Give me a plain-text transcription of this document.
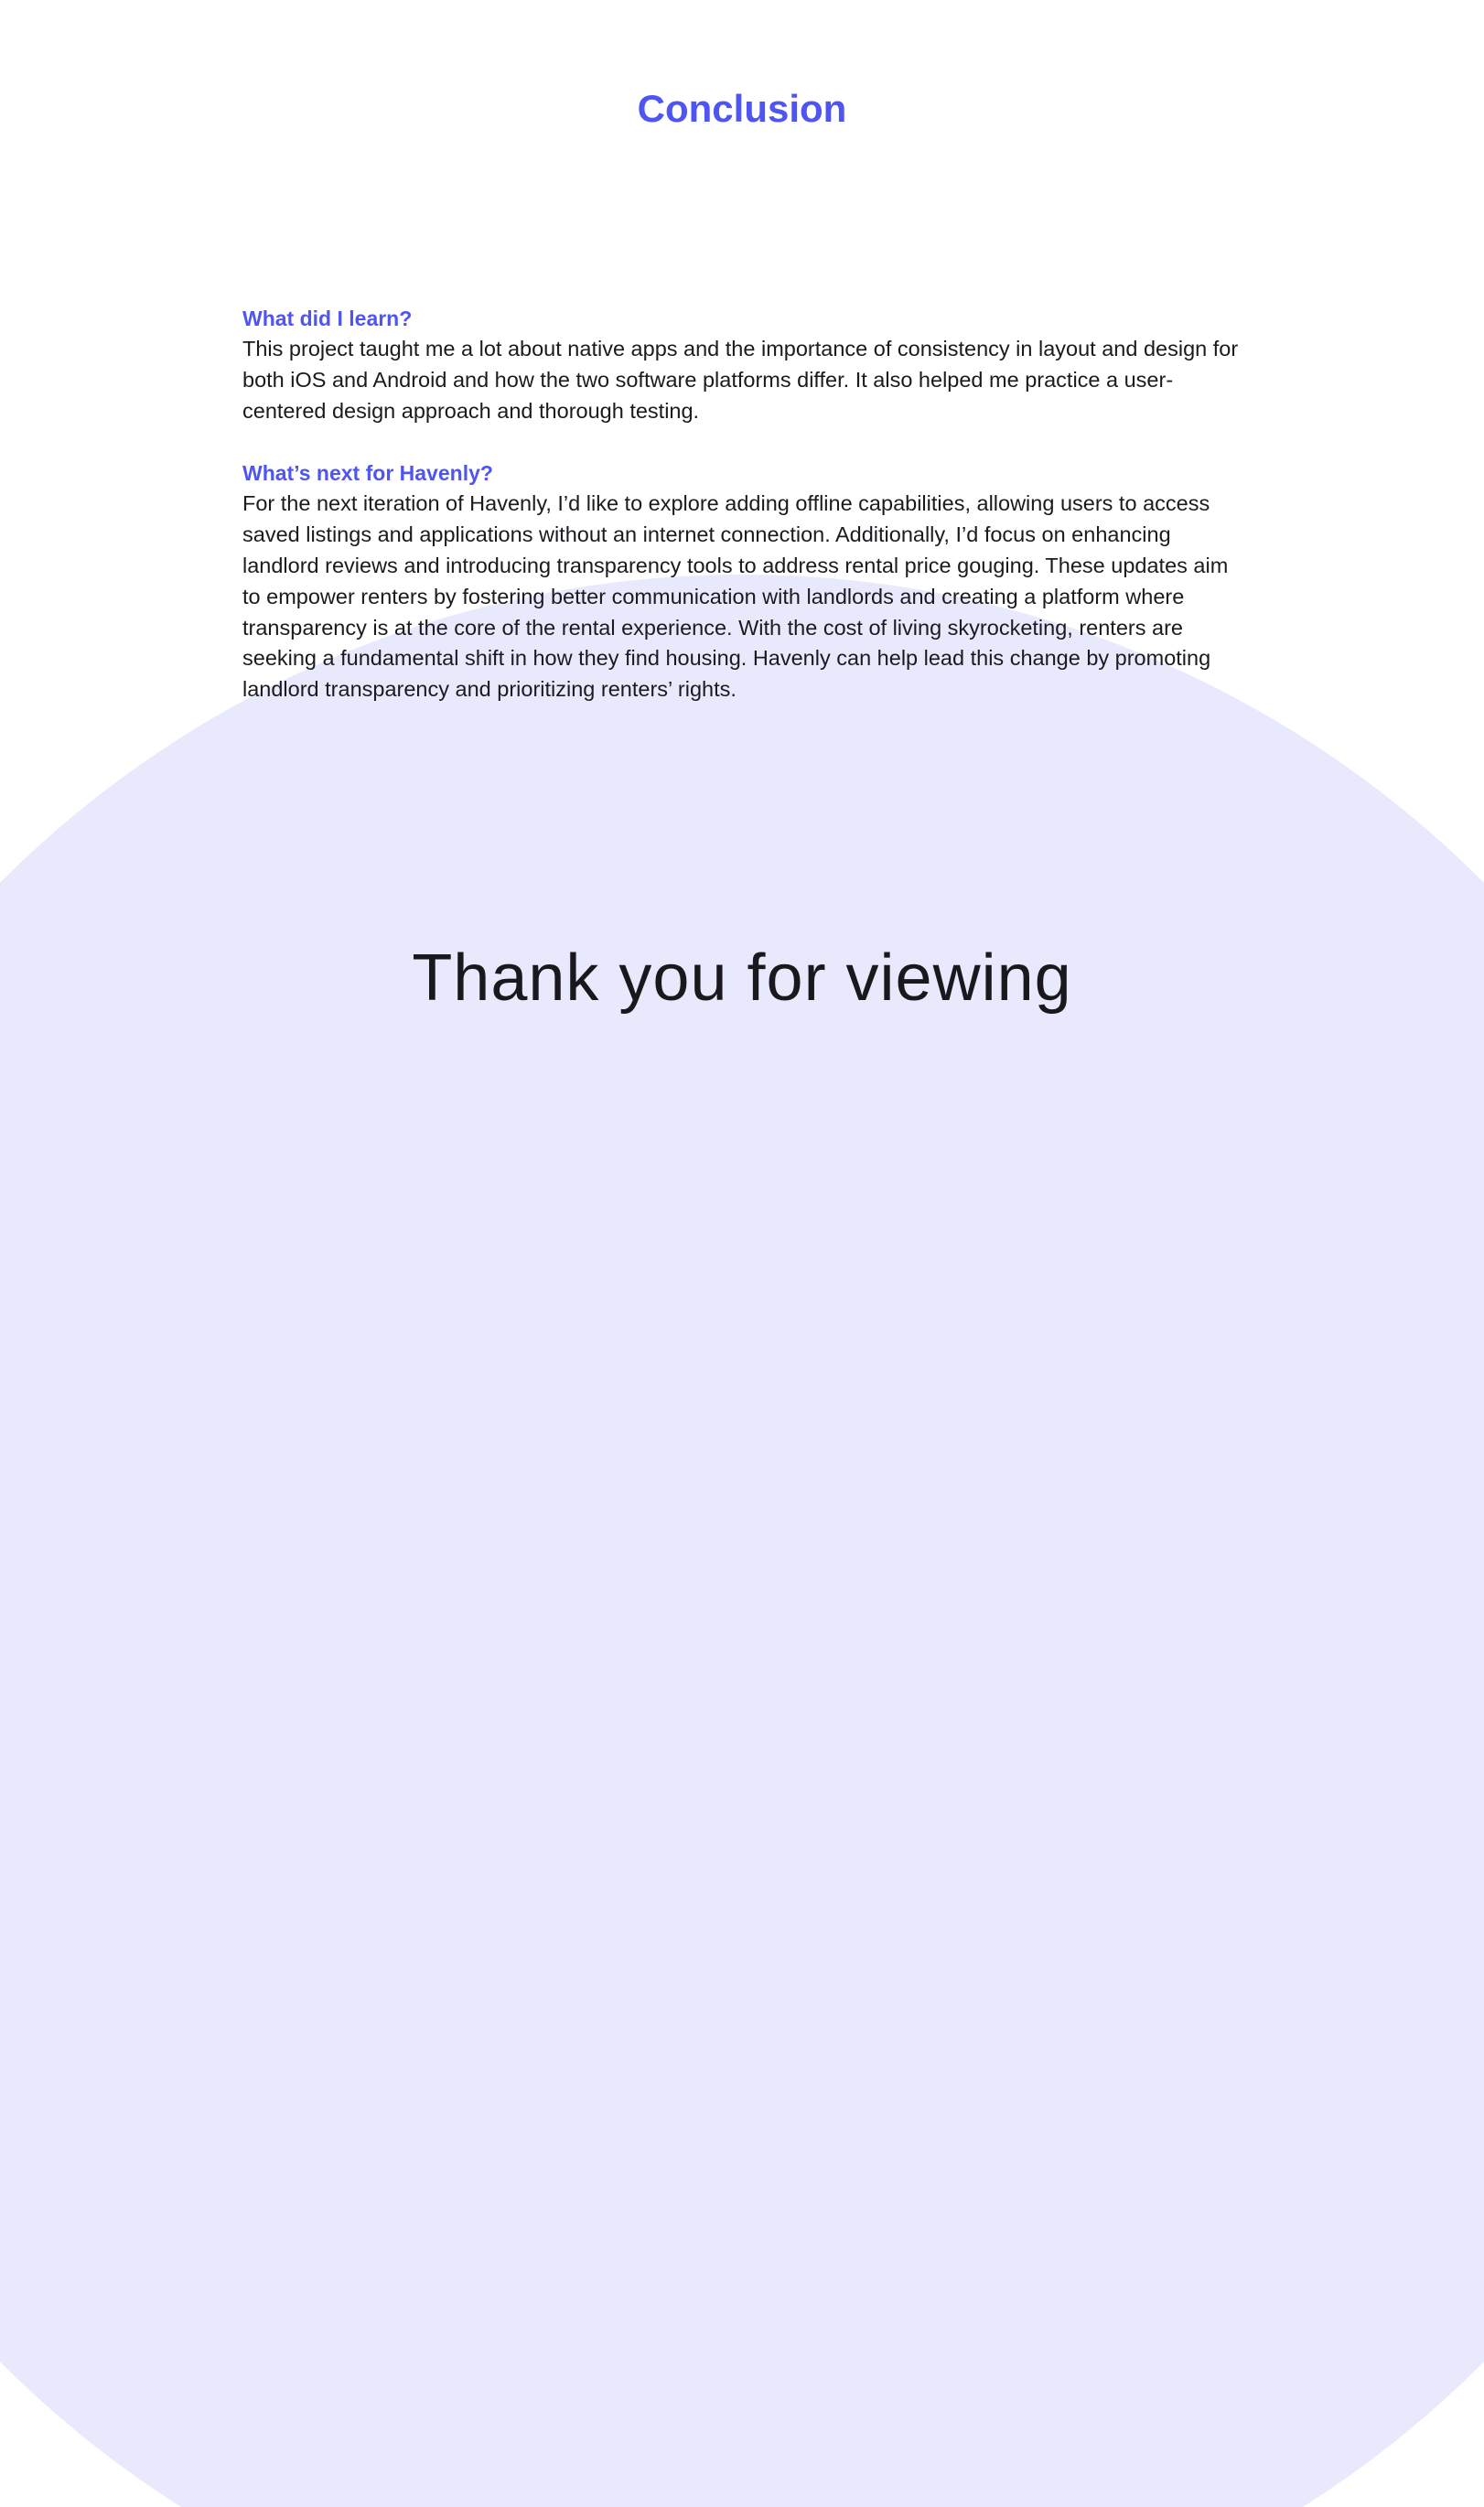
Conclusion
What did I learn?

This project taught me a lot about native apps and the importance of consistency in layout and design for both iOS and Android and how the two software platforms differ. It also helped me practice a user-centered design approach and thorough testing.

What’s next for Havenly?

For the next iteration of Havenly, I’d like to explore adding offline capabilities, allowing users to access saved listings and applications without an internet connection. Additionally, I’d focus on enhancing landlord reviews and introducing transparency tools to address rental price gouging. These updates aim to empower renters by fostering better communication with landlords and creating a platform where transparency is at the core of the rental experience. With the cost of living skyrocketing, renters are seeking a fundamental shift in how they find housing. Havenly can help lead this change by promoting landlord transparency and prioritizing renters’ rights.

Thank you for viewing
